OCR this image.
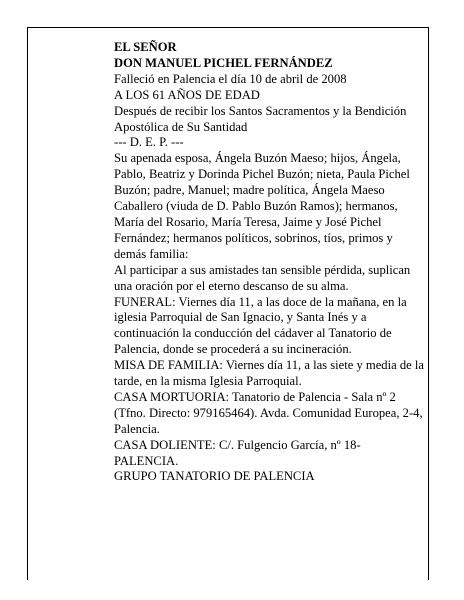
EL SEÑOR

DON MANUEL PICHEL FERNÁNDEZ

Falleció en Palencia el día 10 de abril de 2008

A LOS 61 AÑOS DE EDAD

Después de recibir los Santos Sacramentos y la Bendición Apostólica de Su Santidad

--- D. E. P. ---

Su apenada esposa, Ángela Buzón Maeso; hijos, Ángela, Pablo, Beatriz y Dorinda Pichel Buzón; nieta, Paula Pichel Buzón; padre, Manuel; madre política, Ángela Maeso Caballero (viuda de D. Pablo Buzón Ramos); hermanos, María del Rosario, María Teresa, Jaime y José Pichel Fernández; hermanos políticos, sobrinos, tíos, primos y demás familia:

Al participar a sus amistades tan sensible pérdida, suplican una oración por el eterno descanso de su alma.

FUNERAL: Viernes día 11, a las doce de la mañana, en la iglesia Parroquial de San Ignacio, y Santa Inés y a continuación la conducción del cádaver al Tanatorio de Palencia, donde se procederá a su incineración.

MISA DE FAMILIA: Viernes día 11, a las siete y media de la tarde, en la misma Iglesia Parroquial.

CASA MORTUORIA: Tanatorio de Palencia - Sala nº 2 (Tfno. Directo: 979165464). Avda. Comunidad Europea, 2-4, Palencia.

CASA DOLIENTE: C/. Fulgencio García, nº 18- PALENCIA.

GRUPO TANATORIO DE PALENCIA
